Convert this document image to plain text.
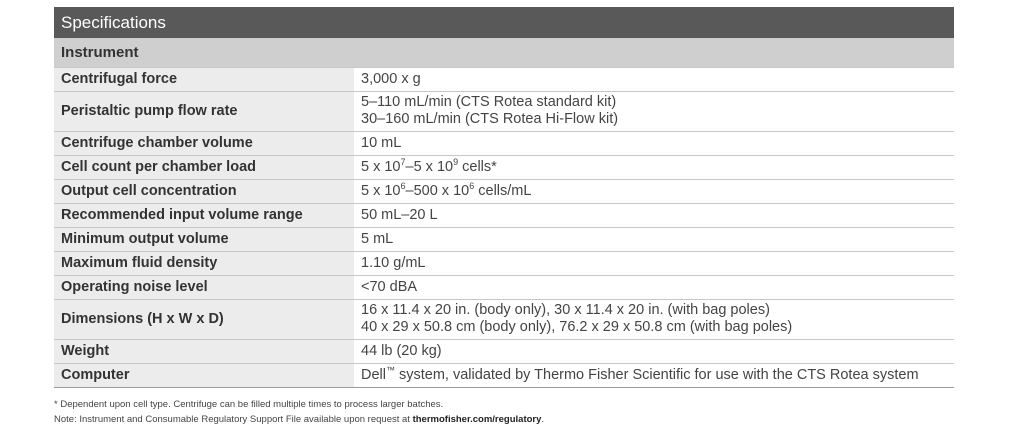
Specifications	
Instrument	
Centrifugal force	3,000 x g

Peristaltic pump flow rate	5–110 mL/min (CTS Rotea standard kit)
30–160 mL/min (CTS Rotea Hi-Flow kit)

Centrifuge chamber volume	10 mL

Cell count per chamber load	5 x $10^7-5$ x $10^9$ cells*
Output cell concentration	5 x $10^6-500$ x $10^6$ cells/mL
Recommended input volume range	50 mL–20 L

Minimum output volume	5 mL

Maximum fluid density	1.10 g/mL

Operating noise level	<70 dBA

Dimensions (H x W x D)	16 x 11.4 x 20 in. (body only), 30 x 11.4 x 20 in. (with bag poles)
40 x 29 x 50.8 cm (body only), 76.2 x 29 x 50.8 cm (with bag poles)

Weight	44 lb (20 kg)

Computer	Dell™ system, validated by Thermo Fisher Scientific for use with the CTS Rotea system
* Dependent upon cell type. Centrifuge can be filled multiple times to process larger batches.
Note: Instrument and Consumable Regulatory Support File available upon request at thermofisher.com/regulatory.
